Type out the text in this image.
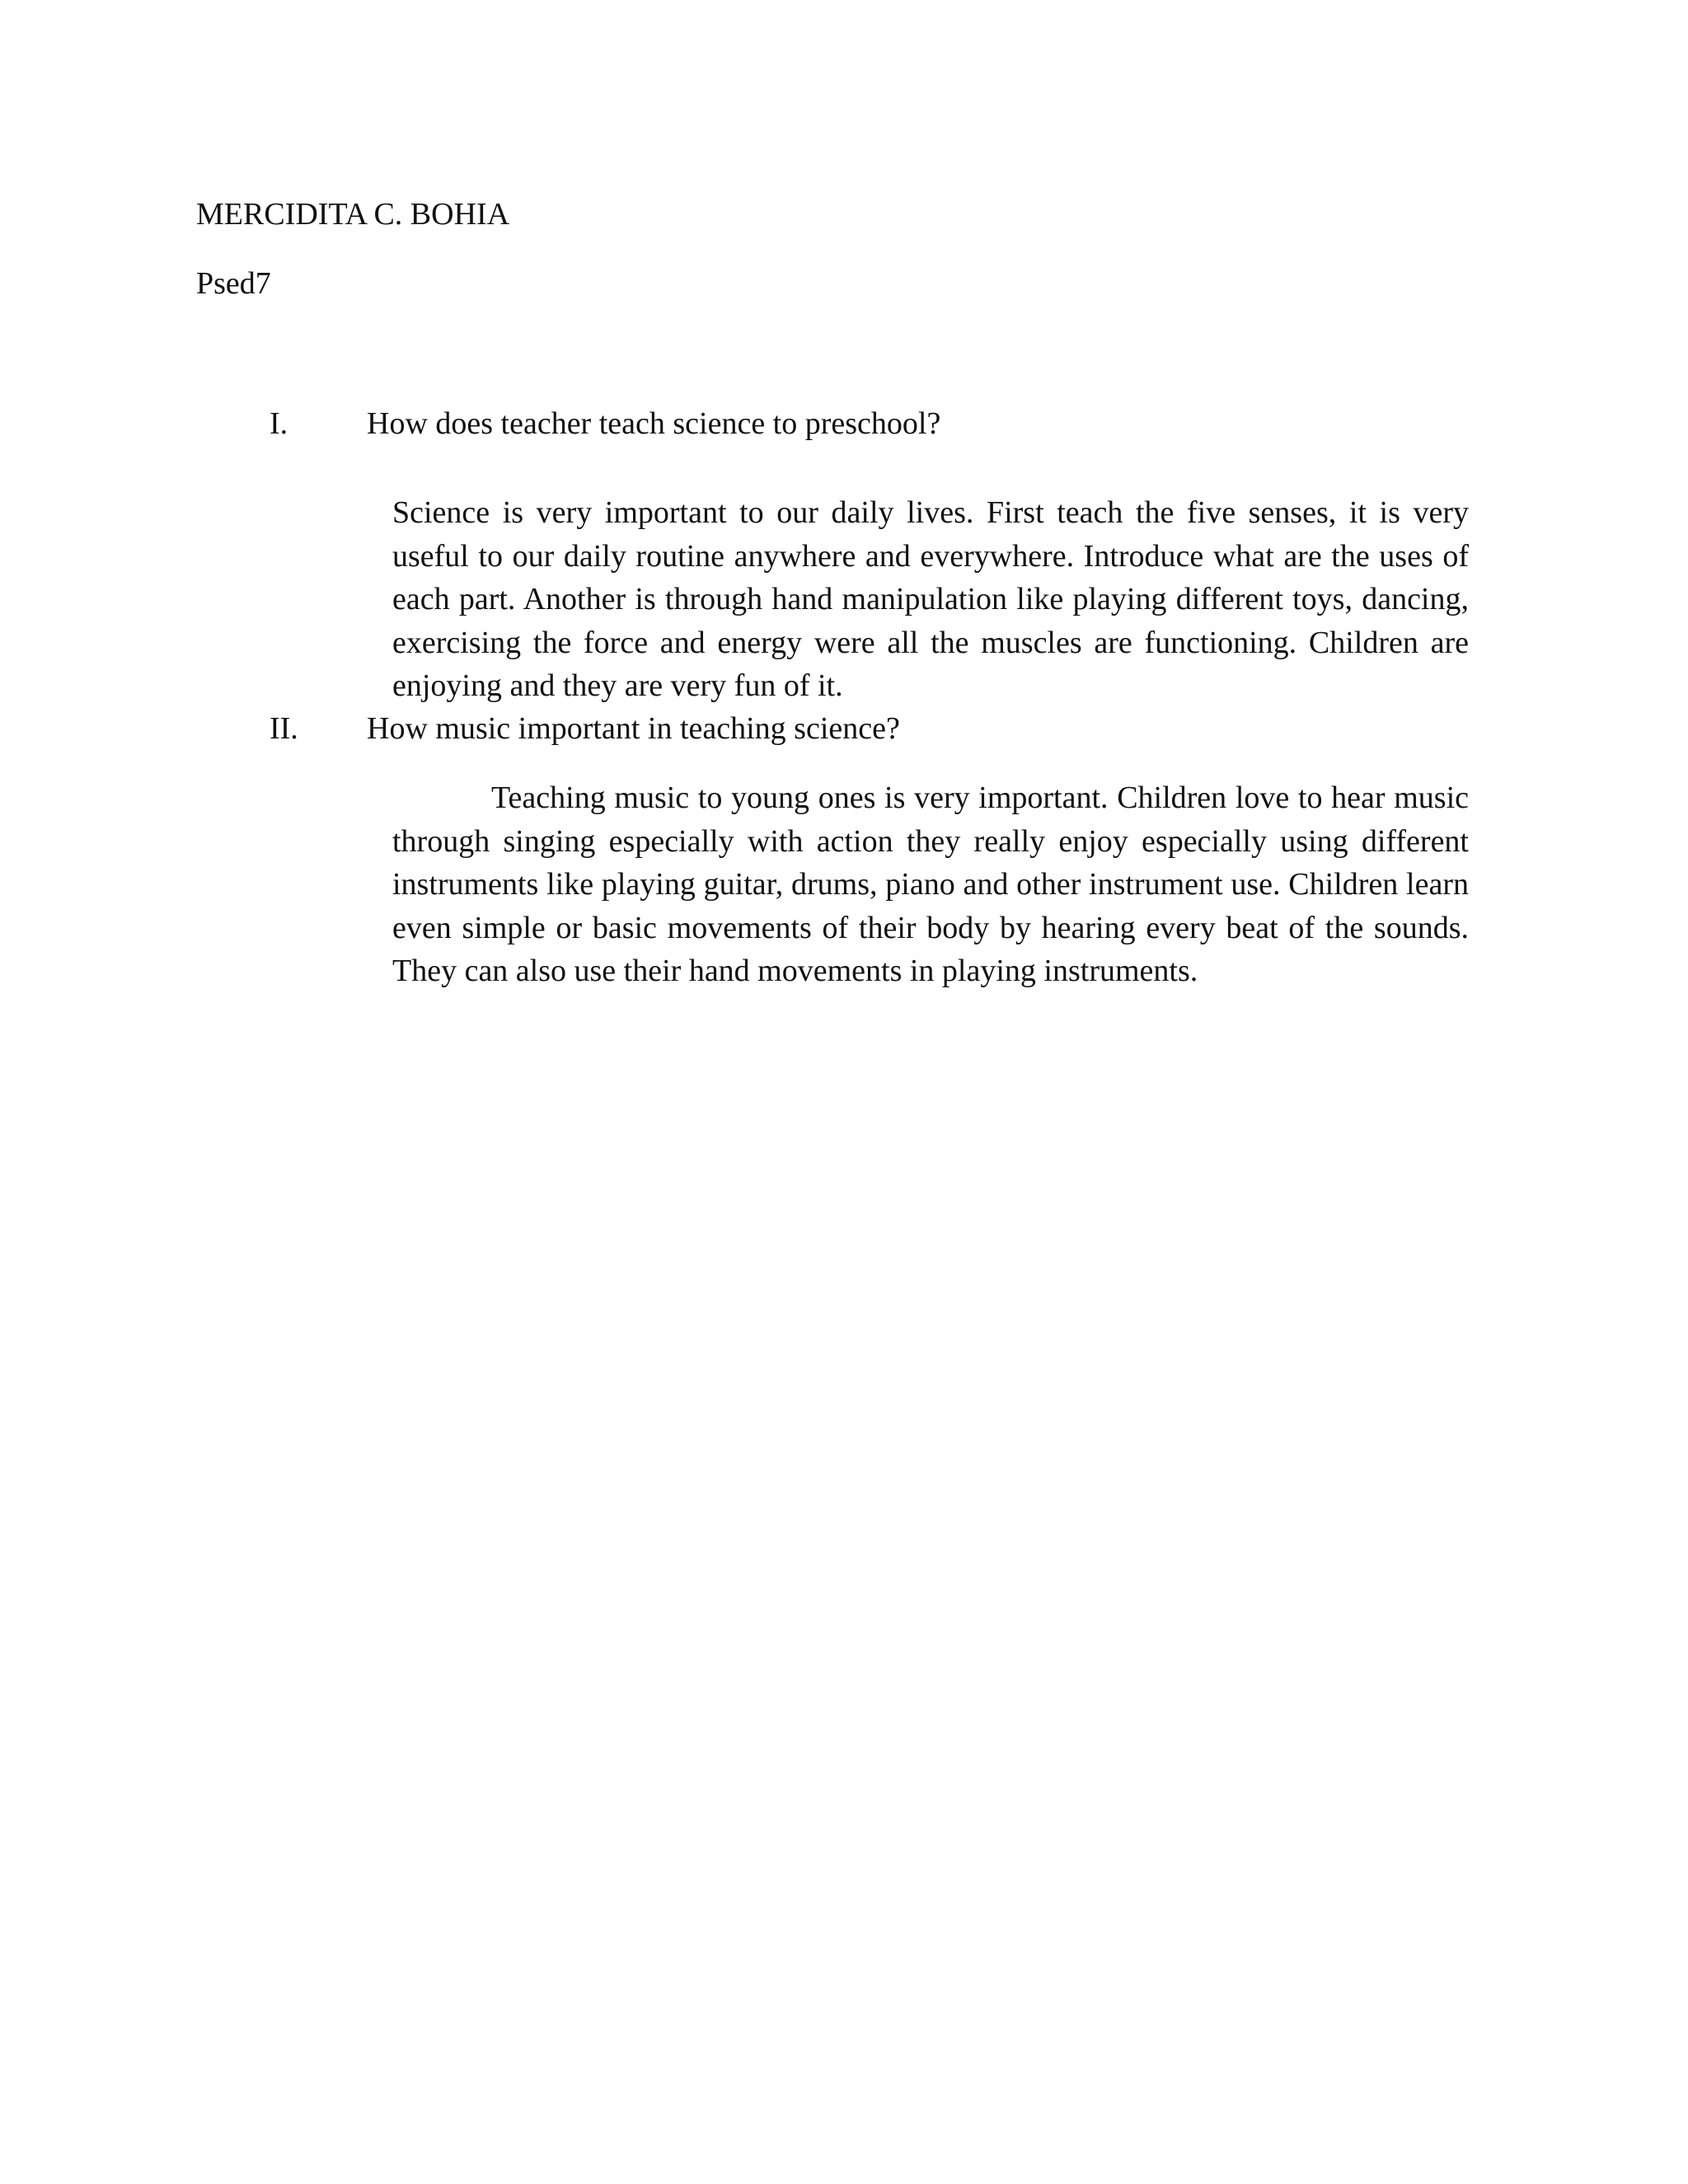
MERCIDITA C. BOHIA
Psed7
I.	How does teacher teach science to preschool?

Science is very important to our daily lives. First teach the five senses, it is very useful to our daily routine anywhere and everywhere. Introduce what are the uses of each part. Another is through hand manipulation like playing different toys, dancing, exercising the force and energy were all the muscles are functioning. Children are enjoying and they are very fun of it.

II. How music important in teaching science?

Teaching music to young ones is very important. Children love to hear music through singing especially with action they really enjoy especially using different instruments like playing guitar, drums, piano and other instrument use. Children learn even simple or basic movements of their body by hearing every beat of the sounds. They can also use their hand movements in playing instruments.
